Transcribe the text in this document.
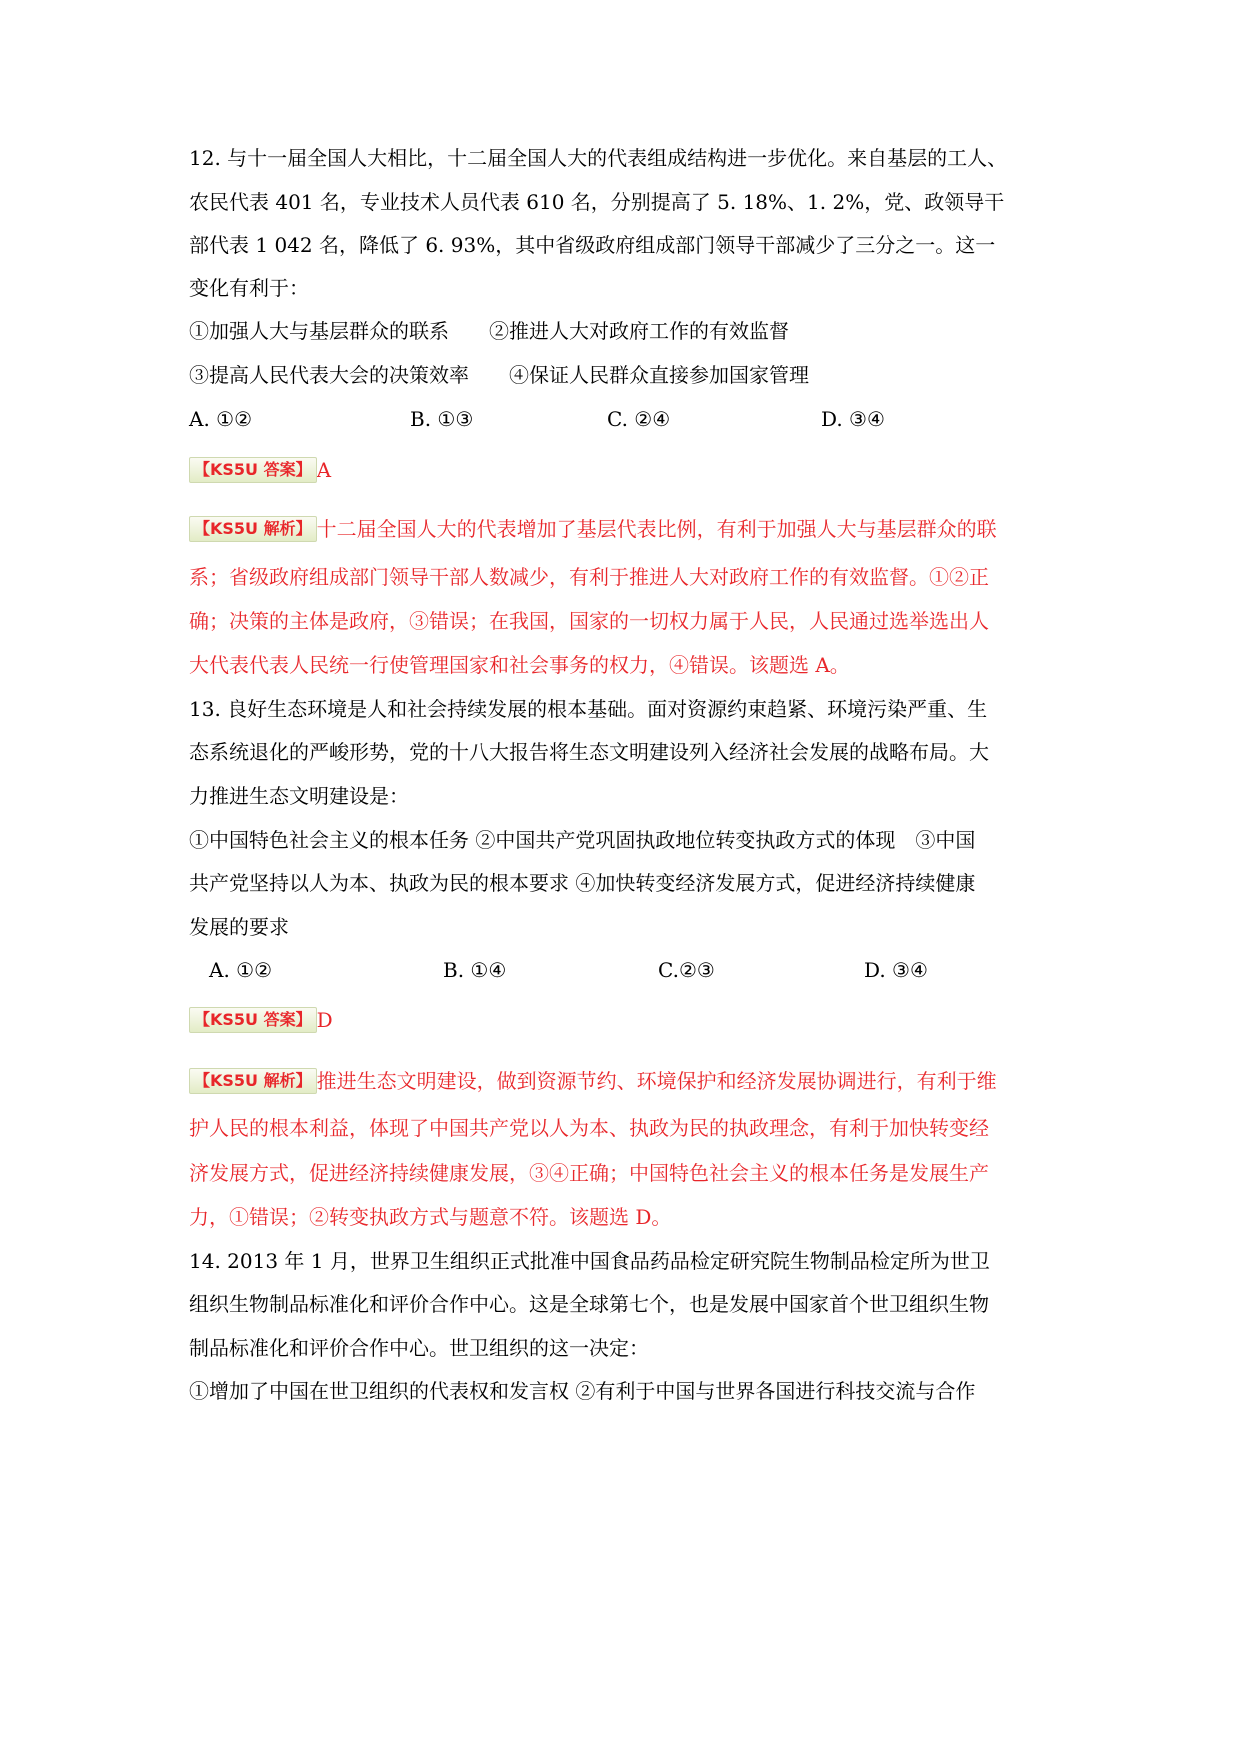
12. 与十一届全国人大相比，十二届全国人大的代表组成结构进一步优化。来自基层的工人、
农民代表 401 名，专业技术人员代表 610 名，分别提高了 5. 18%、1. 2%，党、政领导干
部代表 1 042 名，降低了 6. 93%，其中省级政府组成部门领导干部减少了三分之一。这一
变化有利于：
①加强人大与基层群众的联系　　②推进人大对政府工作的有效监督
③提高人民代表大会的决策效率　　④保证人民群众直接参加国家管理
A. ①②	B. ①③	C. ②④	D. ③④
【KS5U 答案】 A
【KS5U 解析】 十二届全国人大的代表增加了基层代表比例，有利于加强人大与基层群众的联
系；省级政府组成部门领导干部人数减少，有利于推进人大对政府工作的有效监督。①②正
确；决策的主体是政府，③错误；在我国，国家的一切权力属于人民，人民通过选举选出人
大代表代表人民统一行使管理国家和社会事务的权力，④错误。该题选 A。
13. 良好生态环境是人和社会持续发展的根本基础。面对资源约束趋紧、环境污染严重、生
态系统退化的严峻形势，党的十八大报告将生态文明建设列入经济社会发展的战略布局。大
力推进生态文明建设是：
①中国特色社会主义的根本任务 ②中国共产党巩固执政地位转变执政方式的体现　③中国
共产党坚持以人为本、执政为民的根本要求 ④加快转变经济发展方式，促进经济持续健康
发展的要求
A. ①②	B. ①④	C.②③	D. ③④
【KS5U 答案】 D
【KS5U 解析】 推进生态文明建设，做到资源节约、环境保护和经济发展协调进行，有利于维
护人民的根本利益，体现了中国共产党以人为本、执政为民的执政理念，有利于加快转变经
济发展方式，促进经济持续健康发展，③④正确；中国特色社会主义的根本任务是发展生产
力，①错误；②转变执政方式与题意不符。该题选 D。
14. 2013 年 1 月，世界卫生组织正式批准中国食品药品检定研究院生物制品检定所为世卫
组织生物制品标准化和评价合作中心。这是全球第七个，也是发展中国家首个世卫组织生物
制品标准化和评价合作中心。世卫组织的这一决定：
①增加了中国在世卫组织的代表权和发言权 ②有利于中国与世界各国进行科技交流与合作
